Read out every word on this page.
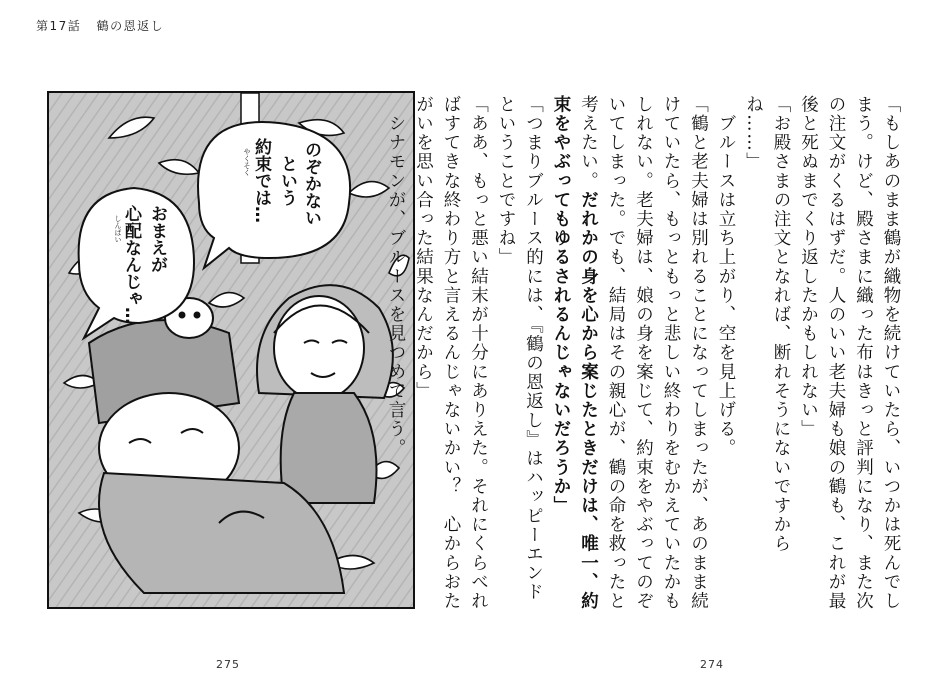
第17話 鶴の恩返し
のぞかない
という
約束では…
やくそく
おまえが
心配なんじゃ…
しんぱい
275	274

「もしあのまま鶴が織物を続けていたら、いつかは死んでしまう。けど、殿さまに織った布はきっと評判になり、また次の注文がくるはずだ。人のいい老夫婦も娘の鶴も、これが最後と死ぬまでくり返したかもしれない」

「お殿さまの注文となれば、断れそうにないですからね……」

　ブルースは立ち上がり、空を見上げる。

「鶴と老夫婦は別れることになってしまったが、あのまま続けていたら、もっともっと悲しい終わりをむかえていたかもしれない。老夫婦は、娘の身を案じて、約束をやぶってのぞいてしまった。でも、結局はその親心が、鶴の命を救ったと考えたい。だれかの身を心から案じたときだけは、唯一、約束をやぶってもゆるされるんじゃないだろうか」

「つまりブルース的には、『鶴の恩返し』はハッピーエンドということですね」

「ああ、もっと悪い結末が十分にありえた。それにくらべればすてきな終わり方と言えるんじゃないかい？　心からおたがいを思い合った結果なんだから」

　シナモンが、ブルースを見つめて言う。
